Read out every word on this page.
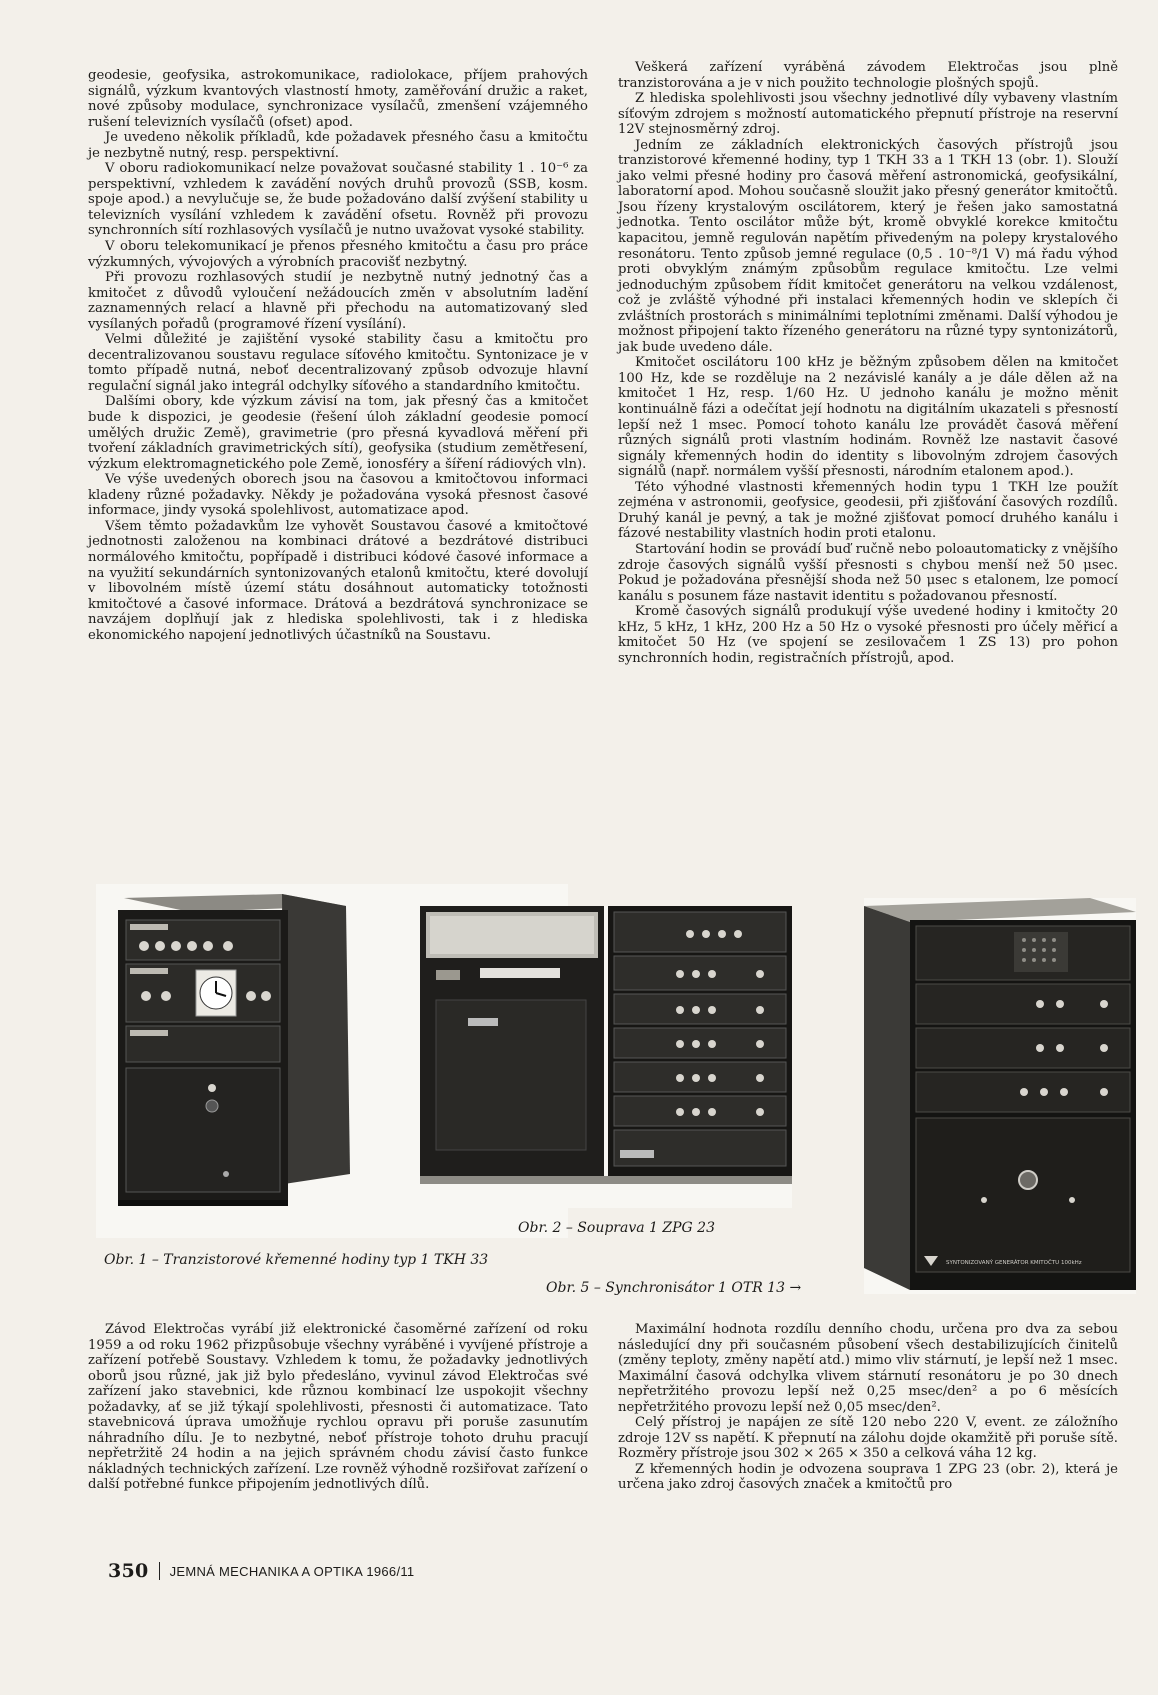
geodesie, geofysika, astrokomunikace, radiolokace, příjem prahových signálů, výzkum kvantových vlastností hmoty, zaměřování družic a raket, nové způsoby modulace, synchronizace vysílačů, zmenšení vzájemného rušení televizních vysílačů (ofset) apod.

Je uvedeno několik příkladů, kde požadavek přesného času a kmitočtu je nezbytně nutný, resp. perspektivní.

V oboru radiokomunikací nelze považovat současné stability 1 . 10⁻⁶ za perspektivní, vzhledem k zavádění nových druhů provozů (SSB, kosm. spoje apod.) a nevylučuje se, že bude požadováno další zvýšení stability u televizních vysílání vzhledem k zavádění ofsetu. Rovněž při provozu synchronních sítí rozhlasových vysílačů je nutno uvažovat vysoké stability.

V oboru telekomunikací je přenos přesného kmitočtu a času pro práce výzkumných, vývojových a výrobních pracovišť nezbytný.

Při provozu rozhlasových studií je nezbytně nutný jednotný čas a kmitočet z důvodů vyloučení nežádoucích změn v absolutním ladění zaznamenných relací a hlavně při přechodu na automatizovaný sled vysílaných pořadů (programové řízení vysílání).

Velmi důležité je zajištění vysoké stability času a kmitočtu pro decentralizovanou soustavu regulace síťového kmitočtu. Syntonizace je v tomto případě nutná, neboť decentralizovaný způsob odvozuje hlavní regulační signál jako integrál odchylky síťového a standardního kmitočtu.

Dalšími obory, kde výzkum závisí na tom, jak přesný čas a kmitočet bude k dispozici, je geodesie (řešení úloh základní geodesie pomocí umělých družic Země), gravimetrie (pro přesná kyvadlová měření při tvoření základních gravimetrických sítí), geofysika (studium zemětřesení, výzkum elektromagnetického pole Země, ionosféry a šíření rádiových vln).

Ve výše uvedených oborech jsou na časovou a kmitočtovou informaci kladeny různé požadavky. Někdy je požadována vysoká přesnost časové informace, jindy vysoká spolehlivost, automatizace apod.

Všem těmto požadavkům lze vyhovět Soustavou časové a kmitočtové jednotnosti založenou na kombinaci drátové a bezdrátové distribuci normálového kmitočtu, popřípadě i distribuci kódové časové informace a na využití sekundárních syntonizovaných etalonů kmitočtu, které dovolují v libovolném místě území státu dosáhnout automaticky totožnosti kmitočtové a časové informace. Drátová a bezdrátová synchronizace se navzájem doplňují jak z hlediska spolehlivosti, tak i z hlediska ekonomického napojení jednotlivých účastníků na Soustavu.

Veškerá zařízení vyráběná závodem Elektročas jsou plně tranzistorována a je v nich použito technologie plošných spojů.

Z hlediska spolehlivosti jsou všechny jednotlivé díly vybaveny vlastním síťovým zdrojem s možností automatického přepnutí přístroje na reservní 12V stejnosměrný zdroj.

Jedním ze základních elektronických časových přístrojů jsou tranzistorové křemenné hodiny, typ 1 TKH 33 a 1 TKH 13 (obr. 1). Slouží jako velmi přesné hodiny pro časová měření astronomická, geofysikální, laboratorní apod. Mohou současně sloužit jako přesný generátor kmitočtů. Jsou řízeny krystalovým oscilátorem, který je řešen jako samostatná jednotka. Tento oscilátor může být, kromě obvyklé korekce kmitočtu kapacitou, jemně regulován napětím přivedeným na polepy krystalového resonátoru. Tento způsob jemné regulace (0,5 . 10⁻⁸/1 V) má řadu výhod proti obvyklým známým způsobům regulace kmitočtu. Lze velmi jednoduchým způsobem řídit kmitočet generátoru na velkou vzdálenost, což je zvláště výhodné při instalaci křemenných hodin ve sklepích či zvláštních prostorách s minimálními teplotními změnami. Další výhodou je možnost připojení takto řízeného generátoru na různé typy syntonizátorů, jak bude uvedeno dále.

Kmitočet oscilátoru 100 kHz je běžným způsobem dělen na kmitočet 100 Hz, kde se rozděluje na 2 nezávislé kanály a je dále dělen až na kmitočet 1 Hz, resp. 1/60 Hz. U jednoho kanálu je možno měnit kontinuálně fázi a odečítat její hodnotu na digitálním ukazateli s přesností lepší než 1 msec. Pomocí tohoto kanálu lze provádět časová měření různých signálů proti vlastním hodinám. Rovněž lze nastavit časové signály křemenných hodin do identity s libovolným zdrojem časových signálů (např. normálem vyšší přesnosti, národním etalonem apod.).

Této výhodné vlastnosti křemenných hodin typu 1 TKH lze použít zejména v astronomii, geofysice, geodesii, při zjišťování časových rozdílů. Druhý kanál je pevný, a tak je možné zjišťovat pomocí druhého kanálu i fázové nestability vlastních hodin proti etalonu.

Startování hodin se provádí buď ručně nebo poloautomaticky z vnějšího zdroje časových signálů vyšší přesnosti s chybou menší než 50 μsec. Pokud je požadována přesnější shoda než 50 μsec s etalonem, lze pomocí kanálu s posunem fáze nastavit identitu s požadovanou přesností.

Kromě časových signálů produkují výše uvedené hodiny i kmitočty 20 kHz, 5 kHz, 1 kHz, 200 Hz a 50 Hz o vysoké přesnosti pro účely měřicí a kmitočet 50 Hz (ve spojení se zesilovačem 1 ZS 13) pro pohon synchronních hodin, registračních přístrojů, apod.

SYNTONIZOVANÝ GENERÁTOR KMITOČTU 100kHz
Obr. 1 – Tranzistorové křemenné hodiny typ 1 TKH 33
Obr. 2 – Souprava 1 ZPG 23
Obr. 5 – Synchronisátor 1 OTR 13 →

Závod Elektročas vyrábí již elektronické časoměrné zařízení od roku 1959 a od roku 1962 přizpůsobuje všechny vyráběné i vyvíjené přístroje a zařízení potřebě Soustavy. Vzhledem k tomu, že požadavky jednotlivých oborů jsou různé, jak již bylo předesláno, vyvinul závod Elektročas své zařízení jako stavebnici, kde různou kombinací lze uspokojit všechny požadavky, ať se již týkají spolehlivosti, přesnosti či automatizace. Tato stavebnicová úprava umožňuje rychlou opravu při poruše zasunutím náhradního dílu. Je to nezbytné, neboť přístroje tohoto druhu pracují nepřetržitě 24 hodin a na jejich správném chodu závisí často funkce nákladných technických zařízení. Lze rovněž výhodně rozšiřovat zařízení o další potřebné funkce připojením jednotlivých dílů.

Maximální hodnota rozdílu denního chodu, určena pro dva za sebou následující dny při současném působení všech destabilizujících činitelů (změny teploty, změny napětí atd.) mimo vliv stárnutí, je lepší než 1 msec. Maximální časová odchylka vlivem stárnutí resonátoru je po 30 dnech nepřetržitého provozu lepší než 0,25 msec/den² a po 6 měsících nepřetržitého provozu lepší než 0,05 msec/den².

Celý přístroj je napájen ze sítě 120 nebo 220 V, event. ze záložního zdroje 12V ss napětí. K přepnutí na zálohu dojde okamžitě při poruše sítě. Rozměry přístroje jsou 302 × 265 × 350 a celková váha 12 kg.

Z křemenných hodin je odvozena souprava 1 ZPG 23 (obr. 2), která je určena jako zdroj časových značek a kmitočtů pro

350 JEMNÁ MECHANIKA A OPTIKA 1966/11
